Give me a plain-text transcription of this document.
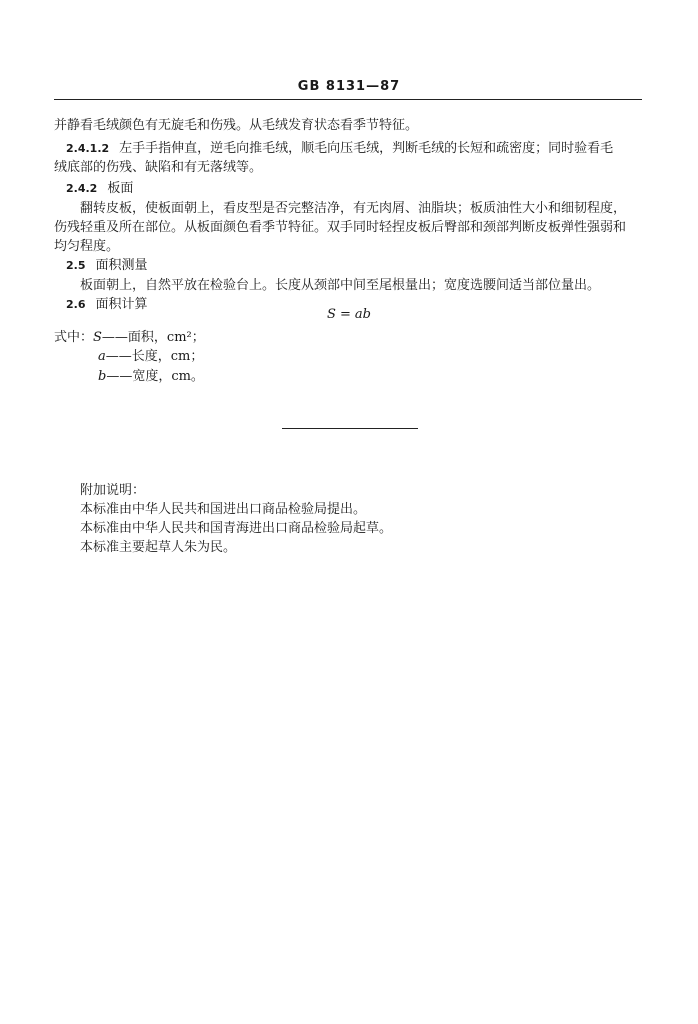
GB 8131—87
并静看毛绒颜色有无旋毛和伤残。从毛绒发育状态看季节特征。
2.4.1.2 左手手指伸直，逆毛向推毛绒，顺毛向压毛绒，判断毛绒的长短和疏密度；同时验看毛
绒底部的伤残、缺陷和有无落绒等。
2.4.2 板面
翻转皮板，使板面朝上，看皮型是否完整洁净，有无肉屑、油脂块；板质油性大小和细韧程度，
伤残轻重及所在部位。从板面颜色看季节特征。双手同时轻捏皮板后臀部和颈部判断皮板弹性强弱和
均匀程度。
2.5 面积测量
板面朝上，自然平放在检验台上。长度从颈部中间至尾根量出；宽度选腰间适当部位量出。
2.6 面积计算
S = ab
式中：S——面积，cm²；
a——长度，cm；
b——宽度，cm。
附加说明：
本标准由中华人民共和国进出口商品检验局提出。
本标准由中华人民共和国青海进出口商品检验局起草。
本标准主要起草人朱为民。
